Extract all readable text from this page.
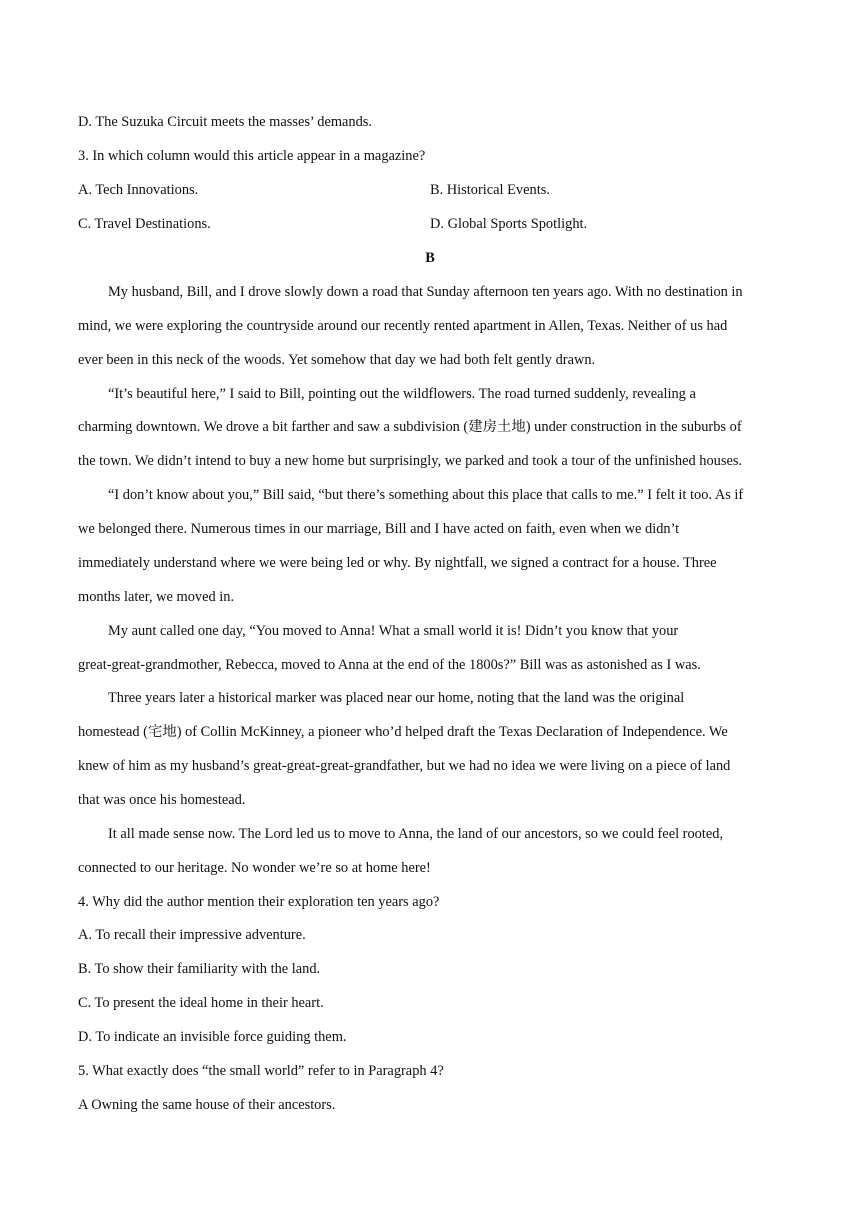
D. The Suzuka Circuit meets the masses’ demands.
3. In which column would this article appear in a magazine?
A. Tech Innovations.	B. Historical Events.
C. Travel Destinations.	D. Global Sports Spotlight.
B
My husband, Bill, and I drove slowly down a road that Sunday afternoon ten years ago. With no destination in
mind, we were exploring the countryside around our recently rented apartment in Allen, Texas. Neither of us had
ever been in this neck of the woods. Yet somehow that day we had both felt gently drawn.
“It’s beautiful here,” I said to Bill, pointing out the wildflowers. The road turned suddenly, revealing a
charming downtown. We drove a bit farther and saw a subdivision (建房土地) under construction in the suburbs of
the town. We didn’t intend to buy a new home but surprisingly, we parked and took a tour of the unfinished houses.
“I don’t know about you,” Bill said, “but there’s something about this place that calls to me.” I felt it too. As if
we belonged there. Numerous times in our marriage, Bill and I have acted on faith, even when we didn’t
immediately understand where we were being led or why. By nightfall, we signed a contract for a house. Three
months later, we moved in.
My aunt called one day, “You moved to Anna! What a small world it is! Didn’t you know that your
great-great-grandmother, Rebecca, moved to Anna at the end of the 1800s?” Bill was as astonished as I was.
Three years later a historical marker was placed near our home, noting that the land was the original
homestead (宅地) of Collin McKinney, a pioneer who’d helped draft the Texas Declaration of Independence. We
knew of him as my husband’s great-great-great-grandfather, but we had no idea we were living on a piece of land
that was once his homestead.
It all made sense now. The Lord led us to move to Anna, the land of our ancestors, so we could feel rooted,
connected to our heritage. No wonder we’re so at home here!
4. Why did the author mention their exploration ten years ago?
A. To recall their impressive adventure.
B. To show their familiarity with the land.
C. To present the ideal home in their heart.
D. To indicate an invisible force guiding them.
5. What exactly does “the small world” refer to in Paragraph 4?
A Owning the same house of their ancestors.
